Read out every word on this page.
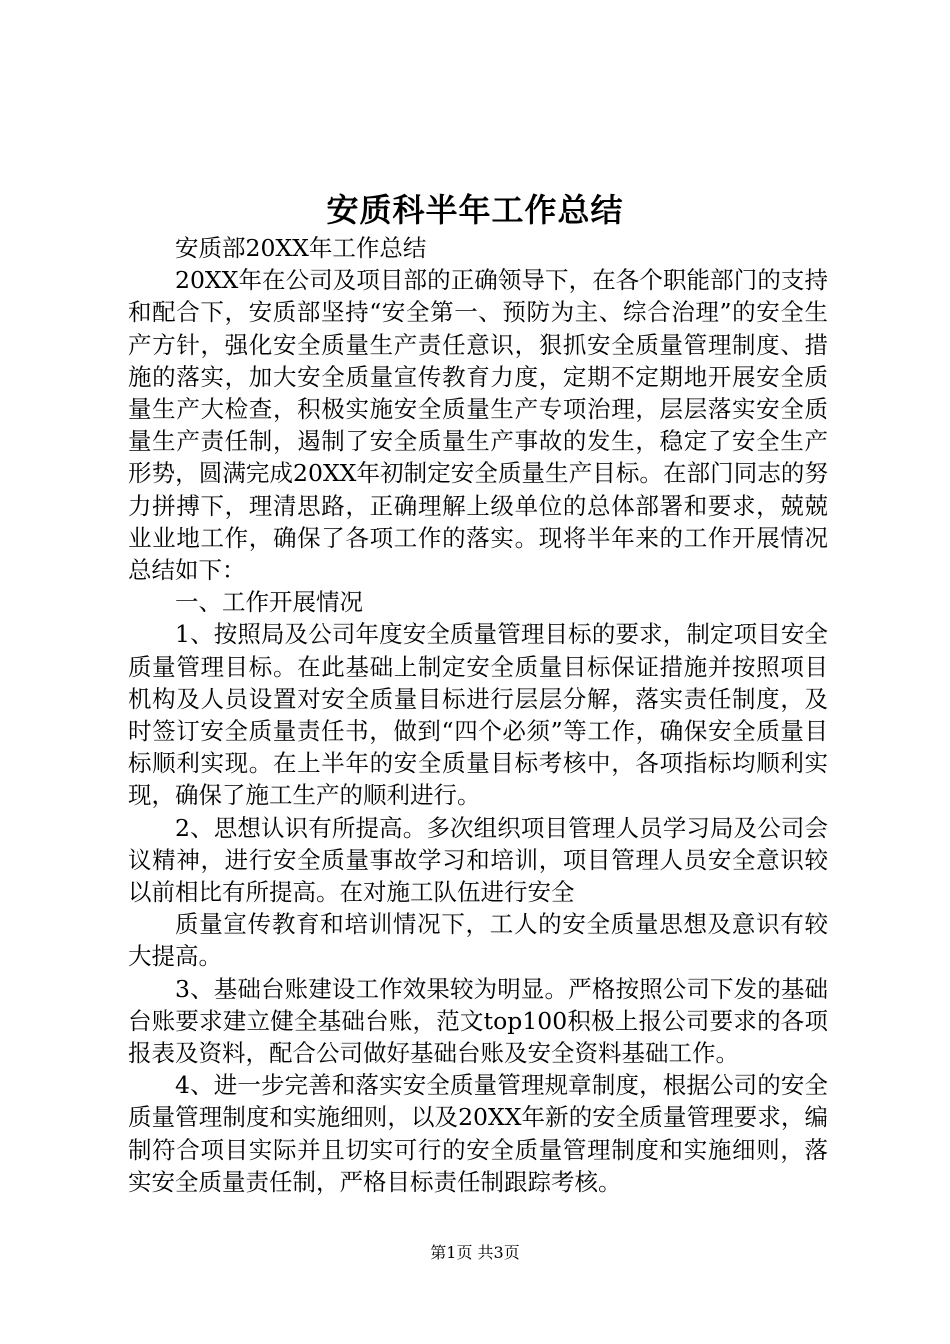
安质科半年工作总结

安质部20XX年工作总结

20XX年在公司及项目部的正确领导下，在各个职能部门的支持和配合下，安质部坚持“安全第一、预防为主、综合治理”的安全生产方针，强化安全质量生产责任意识，狠抓安全质量管理制度、措施的落实，加大安全质量宣传教育力度，定期不定期地开展安全质量生产大检查，积极实施安全质量生产专项治理，层层落实安全质量生产责任制，遏制了安全质量生产事故的发生，稳定了安全生产形势，圆满完成20XX年初制定安全质量生产目标。在部门同志的努力拼搏下，理清思路，正确理解上级单位的总体部署和要求，兢兢业业地工作，确保了各项工作的落实。现将半年来的工作开展情况总结如下：

一、工作开展情况

1、按照局及公司年度安全质量管理目标的要求，制定项目安全质量管理目标。在此基础上制定安全质量目标保证措施并按照项目机构及人员设置对安全质量目标进行层层分解，落实责任制度，及时签订安全质量责任书，做到“四个必须”等工作，确保安全质量目标顺利实现。在上半年的安全质量目标考核中，各项指标均顺利实现，确保了施工生产的顺利进行。

2、思想认识有所提高。多次组织项目管理人员学习局及公司会议精神，进行安全质量事故学习和培训，项目管理人员安全意识较以前相比有所提高。在对施工队伍进行安全

质量宣传教育和培训情况下，工人的安全质量思想及意识有较大提高。

3、基础台账建设工作效果较为明显。严格按照公司下发的基础台账要求建立健全基础台账，范文top100积极上报公司要求的各项报表及资料，配合公司做好基础台账及安全资料基础工作。

4、进一步完善和落实安全质量管理规章制度，根据公司的安全质量管理制度和实施细则，以及20XX年新的安全质量管理要求，编制符合项目实际并且切实可行的安全质量管理制度和实施细则，落实安全质量责任制，严格目标责任制跟踪考核。

第1页 共3页
